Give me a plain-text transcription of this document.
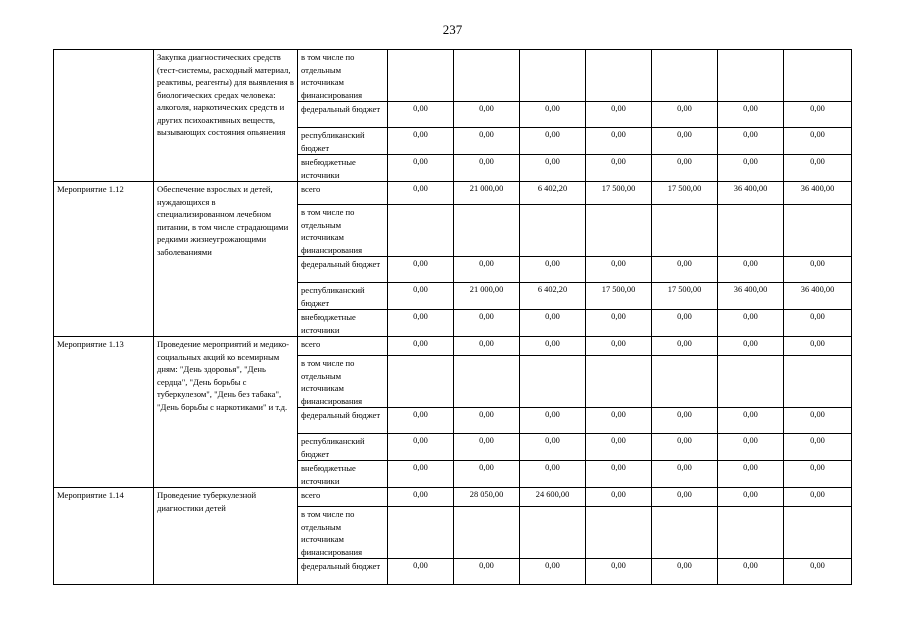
237
	Закупка диагностических средств (тест-системы, расходный материал, реактивы, реагенты) для выявления в биологических средах человека: алкоголя, наркотических средств и других психоактивных веществ, вызывающих состояния опьянения	в том числе по отдельным источникам финансирования							
		федеральный бюджет	0,00	0,00	0,00	0,00	0,00	0,00	0,00
		республиканский бюджет	0,00	0,00	0,00	0,00	0,00	0,00	0,00
		внебюджетные источники	0,00	0,00	0,00	0,00	0,00	0,00	0,00
Мероприятие 1.12	Обеспечение взрослых и детей, нуждающихся в специализированном лечебном питании, в том числе страдающими редкими жизнеугрожающими заболеваниями	всего	0,00	21 000,00	6 402,20	17 500,00	17 500,00	36 400,00	36 400,00
		в том числе по отдельным источникам финансирования							
		федеральный бюджет	0,00	0,00	0,00	0,00	0,00	0,00	0,00
		республиканский бюджет	0,00	21 000,00	6 402,20	17 500,00	17 500,00	36 400,00	36 400,00
		внебюджетные источники	0,00	0,00	0,00	0,00	0,00	0,00	0,00
Мероприятие 1.13	Проведение мероприятий и медико-социальных акций ко всемирным дням: "День здоровья", "День сердца", "День борьбы с туберкулезом", "День без табака", "День борьбы с наркотиками" и т.д.	всего	0,00	0,00	0,00	0,00	0,00	0,00	0,00
		в том числе по отдельным источникам финансирования							
		федеральный бюджет	0,00	0,00	0,00	0,00	0,00	0,00	0,00
		республиканский бюджет	0,00	0,00	0,00	0,00	0,00	0,00	0,00
		внебюджетные источники	0,00	0,00	0,00	0,00	0,00	0,00	0,00
Мероприятие 1.14	Проведение туберкулезной диагностики детей	всего	0,00	28 050,00	24 600,00	0,00	0,00	0,00	0,00
		в том числе по отдельным источникам финансирования							
		федеральный бюджет	0,00	0,00	0,00	0,00	0,00	0,00	0,00
